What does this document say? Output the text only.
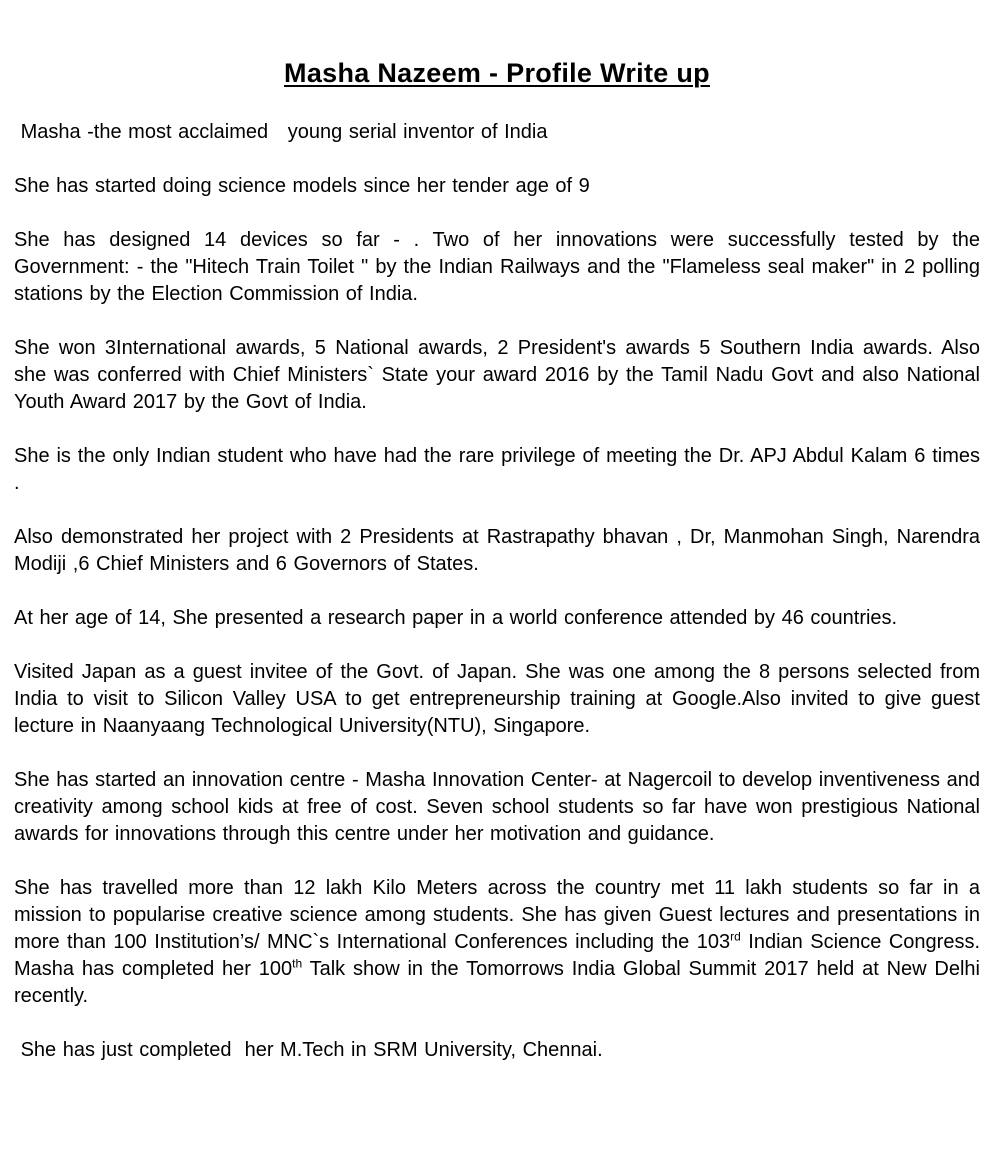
Masha Nazeem - Profile Write up

Masha -the most acclaimed   young serial inventor of India

She has started doing science models since her tender age of 9

She has designed 14 devices so far - . Two of her innovations were successfully tested by the Government: - the "Hitech Train Toilet " by the Indian Railways and the "Flameless seal maker" in 2 polling stations by the Election Commission of India.

She won 3International awards, 5 National awards, 2 President's awards 5 Southern India awards. Also she was conferred with Chief Ministers` State your award 2016 by the Tamil Nadu Govt and also National Youth Award 2017 by the Govt of India.

She is the only Indian student who have had the rare privilege of meeting the Dr. APJ Abdul Kalam 6 times .

Also demonstrated her project with 2 Presidents at Rastrapathy bhavan , Dr, Manmohan Singh, Narendra Modiji ,6 Chief Ministers and 6 Governors of States.

At her age of 14, She presented a research paper in a world conference attended by 46 countries.

Visited Japan as a guest invitee of the Govt. of Japan. She was one among the 8 persons selected from India to visit to Silicon Valley USA to get entrepreneurship training at Google.Also invited to give guest lecture in Naanyaang Technological University(NTU), Singapore.

She has started an innovation centre - Masha Innovation Center- at Nagercoil to develop inventiveness and creativity among school kids at free of cost. Seven school students so far have won prestigious National awards for innovations through this centre under her motivation and guidance.

She has travelled more than 12 lakh Kilo Meters across the country met 11 lakh students so far in a mission to popularise creative science among students. She has given Guest lectures and presentations in more than 100 Institution’s/ MNC`s International Conferences including the 103rd Indian Science Congress. Masha has completed her 100th Talk show in the Tomorrows India Global Summit 2017 held at New Delhi recently.

She has just completed  her M.Tech in SRM University, Chennai.
